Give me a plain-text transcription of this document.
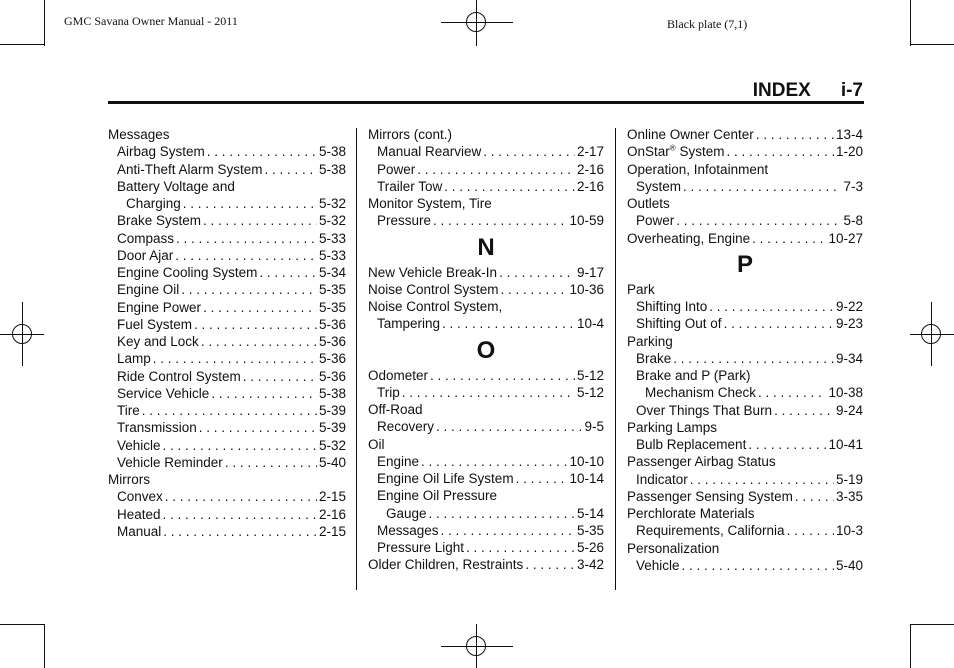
GMC Savana Owner Manual - 2011	Black plate (7,1)
INDEX i-7
Messages
Airbag System . . .	5-38
Anti-Theft Alarm System . . .	5-38
Battery Voltage and
Charging . . .	5-32
Brake System . . .	5-32
Compass . . .	5-33
Door Ajar . . .	5-33
Engine Cooling System . . .	5-34
Engine Oil . . .	5-35
Engine Power . . .	5-35
Fuel System . . .	5-36
Key and Lock . . .	5-36
Lamp . . .	5-36
Ride Control System . . .	5-36
Service Vehicle . . .	5-38
Tire . . .	5-39
Transmission . . .	5-39
Vehicle . . .	5-32
Vehicle Reminder . . .	5-40
Mirrors
Convex . . .	2-15
Heated . . .	2-16
Manual . . .	2-15
Mirrors (cont.)
Manual Rearview . . .	2-17
Power . . .	2-16
Trailer Tow . . .	2-16
Monitor System, Tire
Pressure . . .	10-59
N
New Vehicle Break-In . . .	9-17
Noise Control System . . .	10-36
Noise Control System,
Tampering . . .	10-4
O
Odometer . . .	5-12
Trip . . .	5-12
Off-Road
Recovery . . .	9-5
Oil
Engine . . .	10-10
Engine Oil Life System . . .	10-14
Engine Oil Pressure
Gauge . . .	5-14
Messages . . .	5-35
Pressure Light . . .	5-26
Older Children, Restraints . . .	3-42
Online Owner Center . . .	13-4
OnStar® System . . .	1-20
Operation, Infotainment
System . . .	7-3
Outlets
Power . . .	5-8
Overheating, Engine . . .	10-27
P
Park
Shifting Into . . .	9-22
Shifting Out of . . .	9-23
Parking
Brake . . .	9-34
Brake and P (Park)
Mechanism Check . . .	10-38
Over Things That Burn . . .	9-24
Parking Lamps
Bulb Replacement . . .	10-41
Passenger Airbag Status
Indicator . . .	5-19
Passenger Sensing System . . .	3-35
Perchlorate Materials
Requirements, California . . .	10-3
Personalization
Vehicle . . .	5-40
